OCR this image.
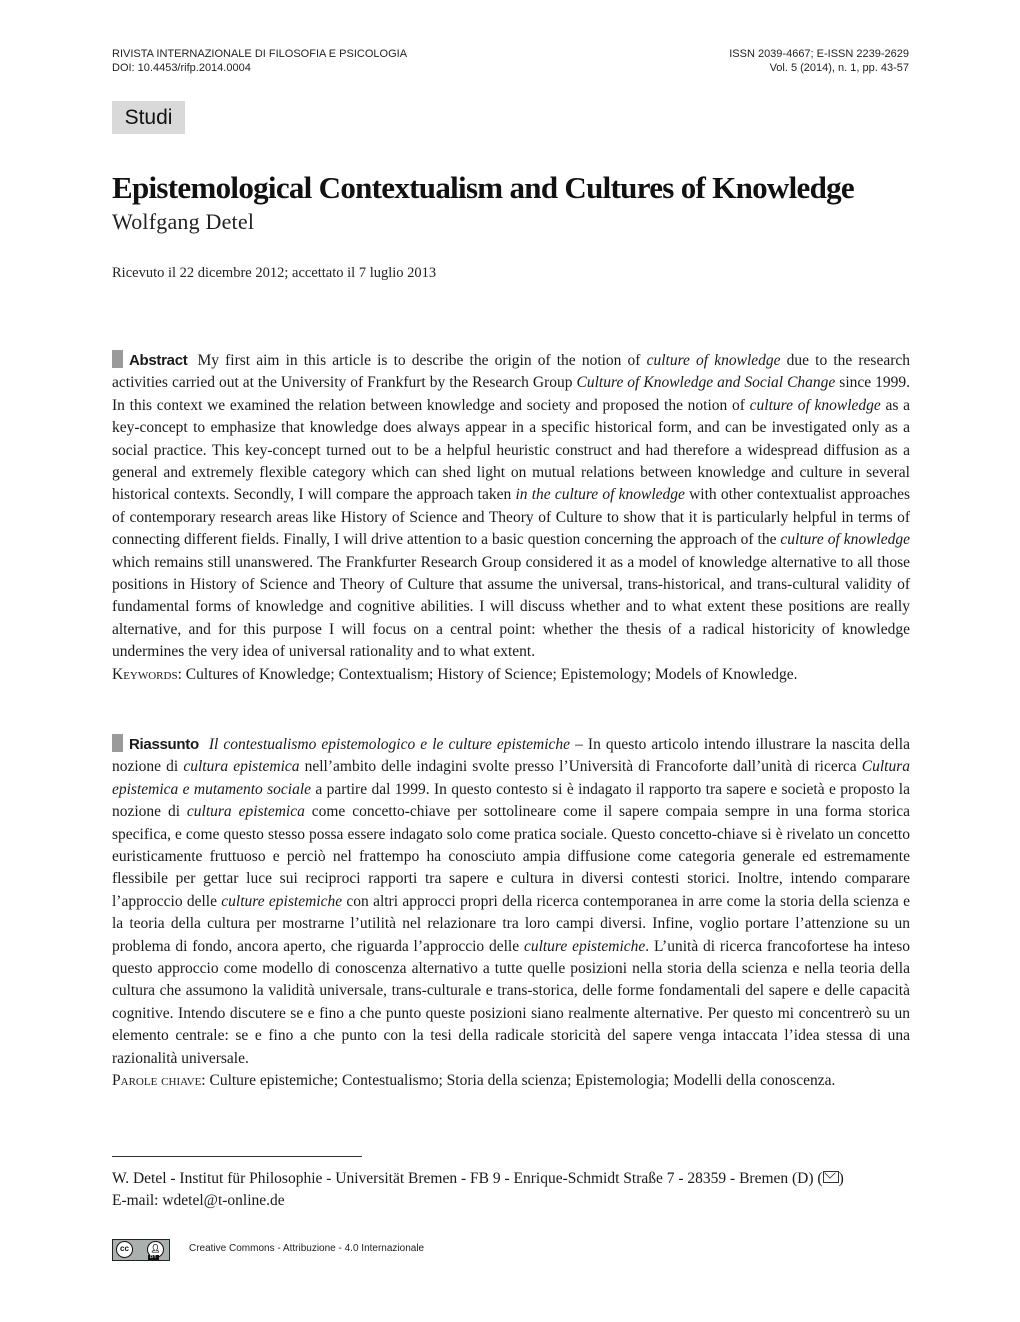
RIVISTA INTERNAZIONALE DI FILOSOFIA E PSICOLOGIA	ISSN 2039-4667; E-ISSN 2239-2629
DOI: 10.4453/rifp.2014.0004	Vol. 5 (2014), n. 1, pp. 43-57
Studi
Epistemological Contextualism and Cultures of Knowledge
Wolfgang Detel
Ricevuto il 22 dicembre 2012; accettato il 7 luglio 2013

Abstract My first aim in this article is to describe the origin of the notion of culture of knowledge due to the research activities carried out at the University of Frankfurt by the Research Group Culture of Knowledge and Social Change since 1999. In this context we examined the relation between knowledge and society and proposed the notion of culture of knowledge as a key-concept to emphasize that knowledge does always appear in a specific historical form, and can be investigated only as a social practice. This key-concept turned out to be a helpful heuristic construct and had therefore a widespread diffusion as a general and extremely flexible category which can shed light on mutual relations between knowledge and culture in several historical contexts. Secondly, I will compare the approach taken in the culture of knowledge with other contextualist approaches of contemporary research areas like History of Science and Theory of Culture to show that it is particularly helpful in terms of connecting different fields. Finally, I will drive attention to a basic question concerning the approach of the culture of knowledge which remains still unanswered. The Frankfurter Research Group considered it as a model of knowledge alternative to all those positions in History of Science and Theory of Culture that assume the universal, trans-historical, and trans-cultural validity of fundamental forms of knowledge and cognitive abilities. I will discuss whether and to what extent these positions are really alternative, and for this purpose I will focus on a central point: whether the thesis of a radical historicity of knowledge undermines the very idea of universal rationality and to what extent.

Keywords: Cultures of Knowledge; Contextualism; History of Science; Epistemology; Models of Knowledge.

Riassunto Il contestualismo epistemologico e le culture epistemiche – In questo articolo intendo illustrare la nascita della nozione di cultura epistemica nell’ambito delle indagini svolte presso l’Università di Francoforte dall’unità di ricerca Cultura epistemica e mutamento sociale a partire dal 1999. In questo contesto si è indagato il rapporto tra sapere e società e proposto la nozione di cultura epistemica come concetto-chiave per sottolineare come il sapere compaia sempre in una forma storica specifica, e come questo stesso possa essere indagato solo come pratica sociale. Questo concetto-chiave si è rivelato un concetto euristicamente fruttuoso e perciò nel frattempo ha conosciuto ampia diffusione come categoria generale ed estremamente flessibile per gettar luce sui reciproci rapporti tra sapere e cultura in diversi contesti storici. Inoltre, intendo comparare l’approccio delle culture epistemiche con altri approcci propri della ricerca contemporanea in arre come la storia della scienza e la teoria della cultura per mostrarne l’utilità nel relazionare tra loro campi diversi. Infine, voglio portare l’attenzione su un problema di fondo, ancora aperto, che riguarda l’approccio delle culture epistemiche. L’unità di ricerca francofortese ha inteso questo approccio come modello di conoscenza alternativo a tutte quelle posizioni nella storia della scienza e nella teoria della cultura che assumono la validità universale, trans-culturale e trans-storica, delle forme fondamentali del sapere e delle capacità cognitive. Intendo discutere se e fino a che punto queste posizioni siano realmente alternative. Per questo mi concentrerò su un elemento centrale: se e fino a che punto con la tesi della radicale storicità del sapere venga intaccata l’idea stessa di una razionalità universale.

Parole chiave: Culture epistemiche; Contestualismo; Storia della scienza; Epistemologia; Modelli della conoscenza.

W. Detel - Institut für Philosophie - Universität Bremen - FB 9 - Enrique-Schmidt Straße 7 - 28359 - Bremen (D) ( )
E-mail: wdetel@t-online.de
cc	👤︎
BY
Creative Commons - Attribuzione - 4.0 Internazionale
